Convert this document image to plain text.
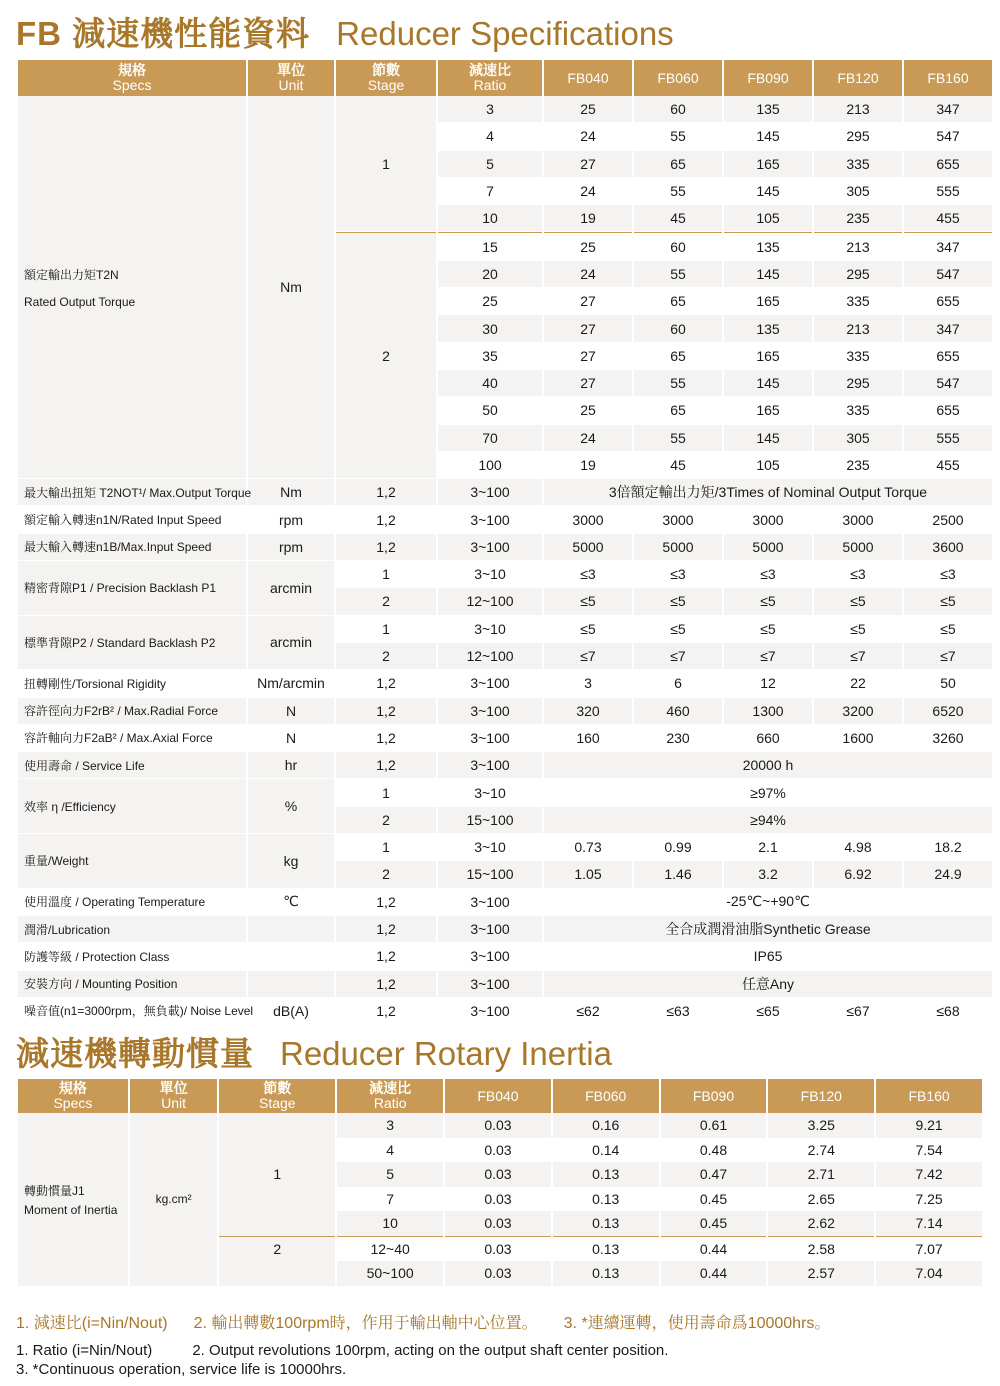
FB 減速機性能資料 Reducer Specifications
規格
Specs	單位
Unit	節數
Stage	減速比
Ratio	FB040	FB060	FB090	FB120	FB160

額定輸出力矩T2N
Rated Output Torque	Nm	1	3	25	60	135	213	347
			4	24	55	145	295	547
			5	27	65	165	335	655
			7	24	55	145	305	555
			10	19	45	105	235	455
		2	15	25	60	135	213	347
			20	24	55	145	295	547
			25	27	65	165	335	655
			30	27	60	135	213	347
			35	27	65	165	335	655
			40	27	55	145	295	547
			50	25	65	165	335	655
			70	24	55	145	305	555
			100	19	45	105	235	455
最大輸出扭矩 T2NOT¹/ Max.Output Torque	Nm	1,2	3~100	3倍額定輸出力矩/3Times of Nominal Output Torque				
額定輸入轉速n1N/Rated Input Speed	rpm	1,2	3~100	3000	3000	3000	3000	2500
最大輸入轉速n1B/Max.Input Speed	rpm	1,2	3~100	5000	5000	5000	5000	3600
精密背隙P1 / Precision Backlash P1	arcmin	1	3~10	≤3	≤3	≤3	≤3	≤3
		2	12~100	≤5	≤5	≤5	≤5	≤5
標準背隙P2 / Standard Backlash P2	arcmin	1	3~10	≤5	≤5	≤5	≤5	≤5
		2	12~100	≤7	≤7	≤7	≤7	≤7
扭轉剛性/Torsional Rigidity	Nm/arcmin	1,2	3~100	3	6	12	22	50
容許徑向力F2rB² / Max.Radial Force	N	1,2	3~100	320	460	1300	3200	6520
容許軸向力F2aB² / Max.Axial Force	N	1,2	3~100	160	230	660	1600	3260
使用壽命 / Service Life	hr	1,2	3~100	20000 h				
效率 η /Efficiency	%	1	3~10	≥97%				
		2	15~100	≥94%				
重量/Weight	kg	1	3~10	0.73	0.99	2.1	4.98	18.2
		2	15~100	1.05	1.46	3.2	6.92	24.9
使用溫度 / Operating Temperature	℃	1,2	3~100	-25℃~+90℃				
潤滑/Lubrication		1,2	3~100	全合成潤滑油脂Synthetic Grease				
防護等級 / Protection Class		1,2	3~100	IP65				
安裝方向 / Mounting Position		1,2	3~100	任意Any				
噪音值(n1=3000rpm，無負載)/ Noise Level	dB(A)	1,2	3~100	≤62	≤63	≤65	≤67	≤68
減速機轉動慣量 Reducer Rotary Inertia
規格
Specs	單位
Unit	節數
Stage	減速比
Ratio	FB040	FB060	FB090	FB120	FB160

轉動慣量J1
Moment of Inertia	kg.cm²		3	0.03	0.16	0.61	3.25	9.21
			4	0.03	0.14	0.48	2.74	7.54
		1	5	0.03	0.13	0.47	2.71	7.42
			7	0.03	0.13	0.45	2.65	7.25
			10	0.03	0.13	0.45	2.62	7.14
		2	12~40	0.03	0.13	0.44	2.58	7.07
			50~100	0.03	0.13	0.44	2.57	7.04
1. 減速比(i=Nin/Nout) 2. 輸出轉數100rpm時，作用于輸出軸中心位置。 3. *連續運轉，使用壽命爲10000hrs。
1. Ratio (i=Nin/Nout)	2. Output revolutions 100rpm, acting on the output shaft center position.
3. *Continuous operation, service life is 10000hrs.
